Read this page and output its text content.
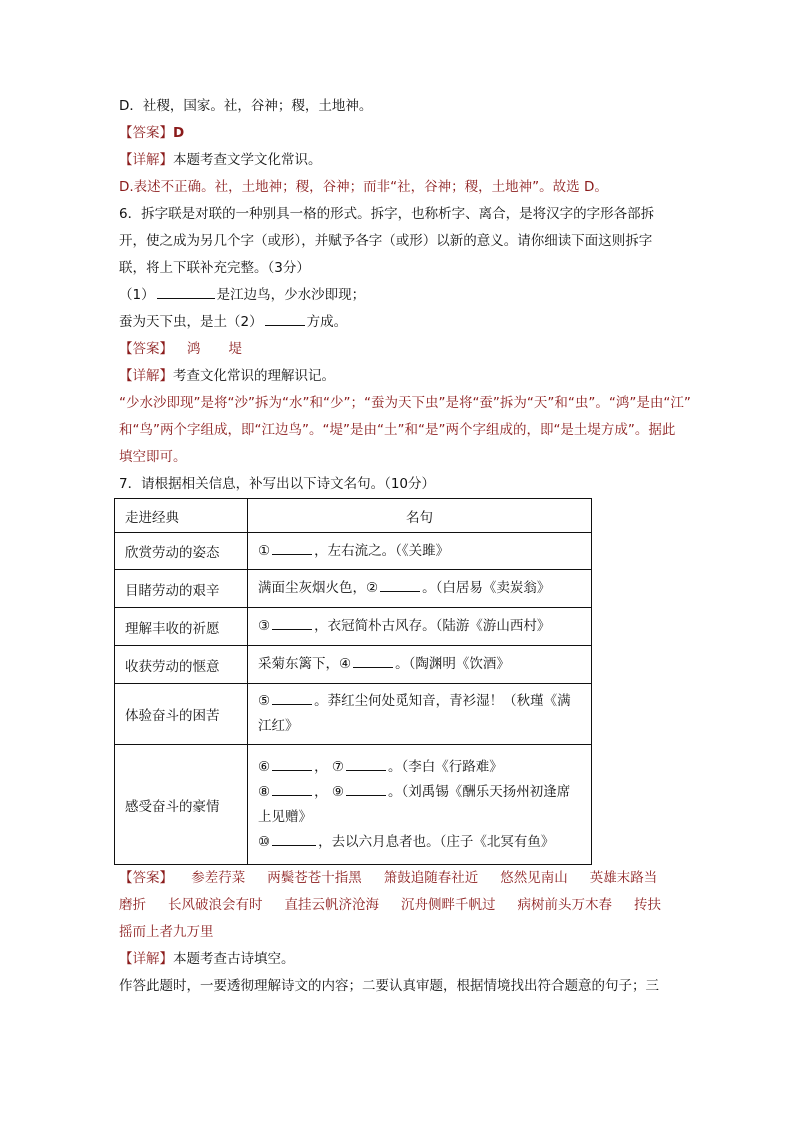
D．社稷，国家。社，谷神；稷，土地神。
【答案】D
【详解】本题考查文学文化常识。
D.表述不正确。社，土地神；稷，谷神；而非“社，谷神；稷，土地神”。故选 D。
6．拆字联是对联的一种别具一格的形式。拆字，也称析字、离合，是将汉字的字形各部拆
开，使之成为另几个字（或形），并赋予各字（或形）以新的意义。请你细读下面这则拆字
联，将上下联补充完整。（3分）
（1）	是江边鸟，少水沙即现；
蚕为天下虫，是土（2）	方成。
【答案】 鸿 堤
【详解】考查文化常识的理解识记。
“少水沙即现”是将“沙”拆为“水”和“少”；“蚕为天下虫”是将“蚕”拆为“天”和“虫”。“鸿”是由“江”
和“鸟”两个字组成，即“江边鸟”。“堤”是由“土”和“是”两个字组成的，即“是土堤方成”。据此
填空即可。
7．请根据相关信息，补写出以下诗文名句。（10分）
走进经典	名句
欣赏劳动的姿态	① ，左右流之。（《关雎》

目睹劳动的艰辛	满面尘灰烟火色，② 。（白居易《卖炭翁》

理解丰收的祈愿	③ ，衣冠简朴古风存。（陆游《游山西村》

收获劳动的惬意	采菊东篱下，④ 。（陶渊明《饮酒》

体验奋斗的困苦	⑤ 。莽红尘何处觅知音，青衫湿！（秋瑾《满
江红》

感受奋斗的豪情	⑥ ， ⑦ 。（李白《行路难》
⑧ ， ⑨ 。（刘禹锡《酬乐天扬州初逢席
上见赠》
⑩ ，去以六月息者也。（庄子《北冥有鱼》
【答案】 参差荇菜 两鬓苍苍十指黑 箫鼓追随春社近 悠然见南山 英雄末路当
磨折 长风破浪会有时 直挂云帆济沧海 沉舟侧畔千帆过 病树前头万木春 抟扶
摇而上者九万里
【详解】本题考查古诗填空。
作答此题时，一要透彻理解诗文的内容；二要认真审题，根据情境找出符合题意的句子；三
